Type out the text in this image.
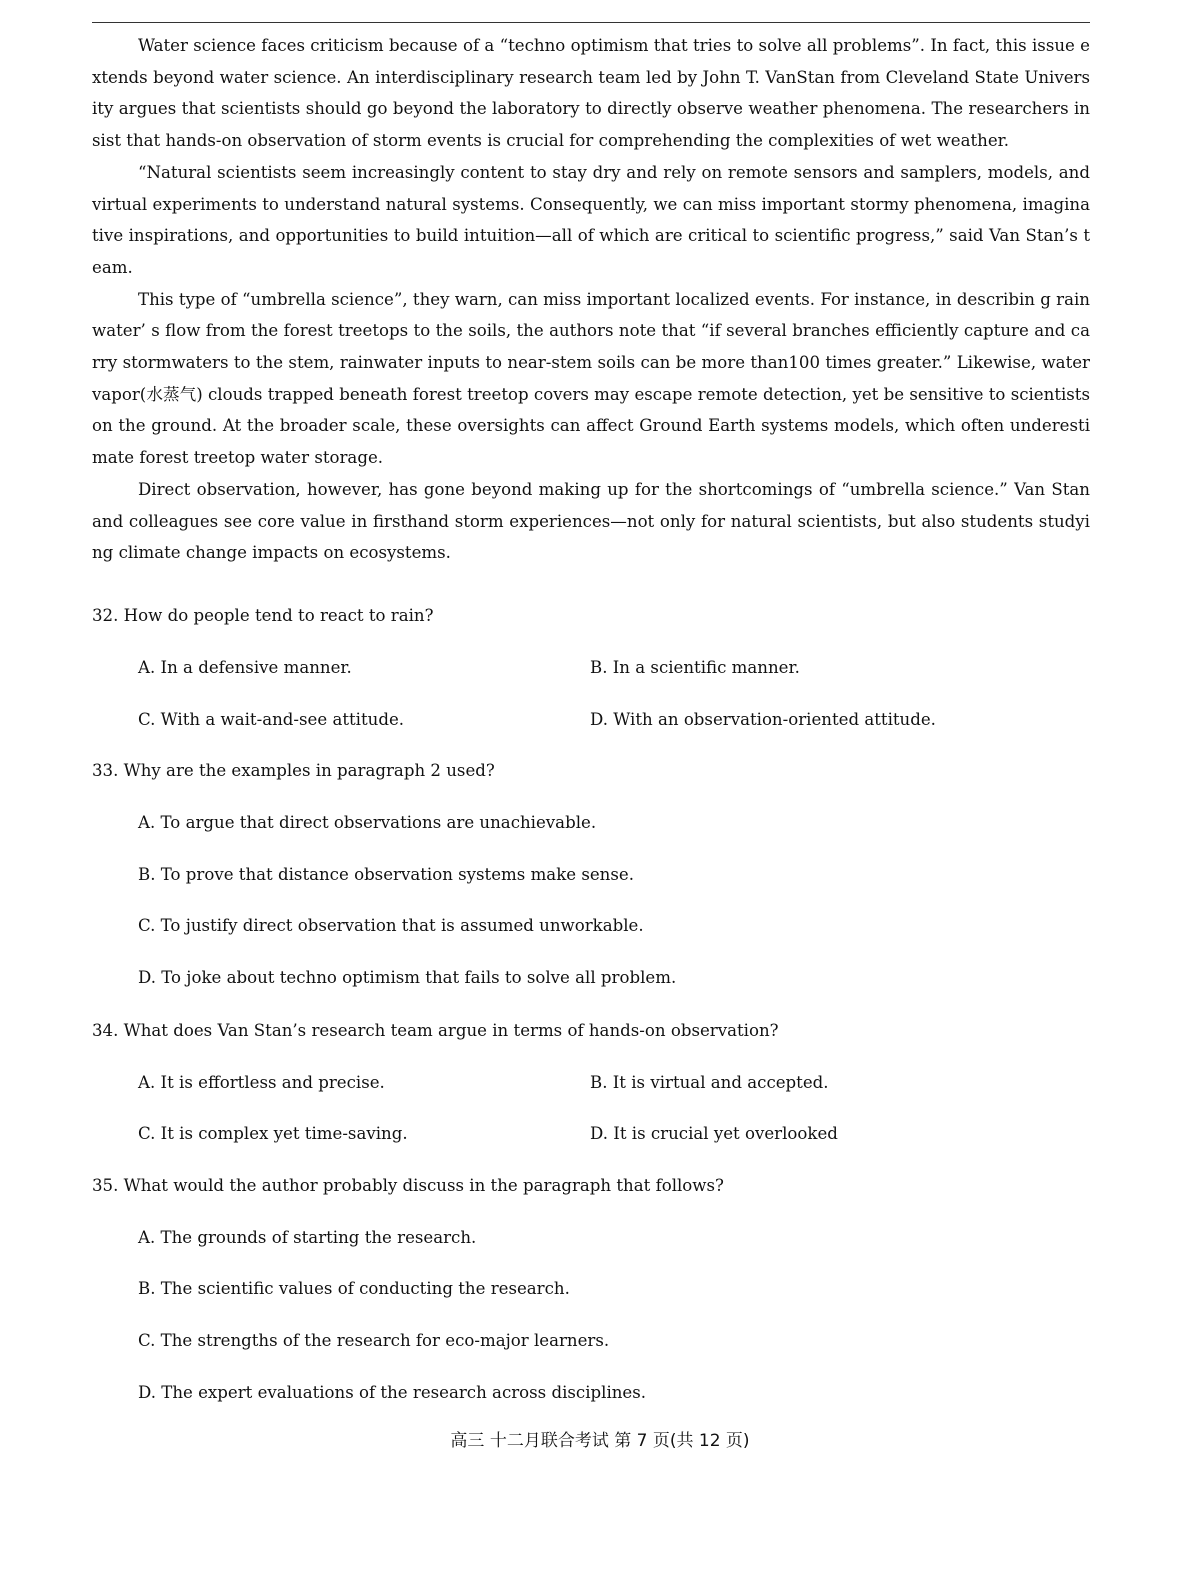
Water science faces criticism because of a “techno optimism that tries to solve all problems”. In fact, this issue extends beyond water science. An interdisciplinary research team led by John T. VanStan from Cleveland State University argues that scientists should go beyond the laboratory to directly observe weather phenomena. The researchers insist that hands-on observation of storm events is crucial for comprehending the complexities of wet weather.

“Natural scientists seem increasingly content to stay dry and rely on remote sensors and samplers, models, and virtual experiments to understand natural systems. Consequently, we can miss important stormy phenomena, imaginative inspirations, and opportunities to build intuition—all of which are critical to scientific progress,” said Van Stan’s team.

This type of “umbrella science”, they warn, can miss important localized events. For instance, in describin g rainwater’ s flow from the forest treetops to the soils, the authors note that “if several branches efficiently capture and carry stormwaters to the stem, rainwater inputs to near-stem soils can be more than100 times greater.” Likewise, water vapor(水蒸气) clouds trapped beneath forest treetop covers may escape remote detection, yet be sensitive to scientists on the ground. At the broader scale, these oversights can affect Ground Earth systems models, which often underestimate forest treetop water storage.

Direct observation, however, has gone beyond making up for the shortcomings of “umbrella science.” Van Stan and colleagues see core value in firsthand storm experiences—not only for natural scientists, but also students studying climate change impacts on ecosystems.

32. How do people tend to react to rain?
A. In a defensive manner.	B. In a scientific manner.
C. With a wait-and-see attitude.	D. With an observation-oriented attitude.
33. Why are the examples in paragraph 2 used?
A. To argue that direct observations are unachievable.
B. To prove that distance observation systems make sense.
C. To justify direct observation that is assumed unworkable.
D. To joke about techno optimism that fails to solve all problem.
34. What does Van Stan’s research team argue in terms of hands-on observation?
A. It is effortless and precise.	B. It is virtual and accepted.
C. It is complex yet time-saving.	D. It is crucial yet overlooked
35. What would the author probably discuss in the paragraph that follows?
A. The grounds of starting the research.
B. The scientific values of conducting the research.
C. The strengths of the research for eco-major learners.
D. The expert evaluations of the research across disciplines.
高三 十二月联合考试 第 7 页(共 12 页)
